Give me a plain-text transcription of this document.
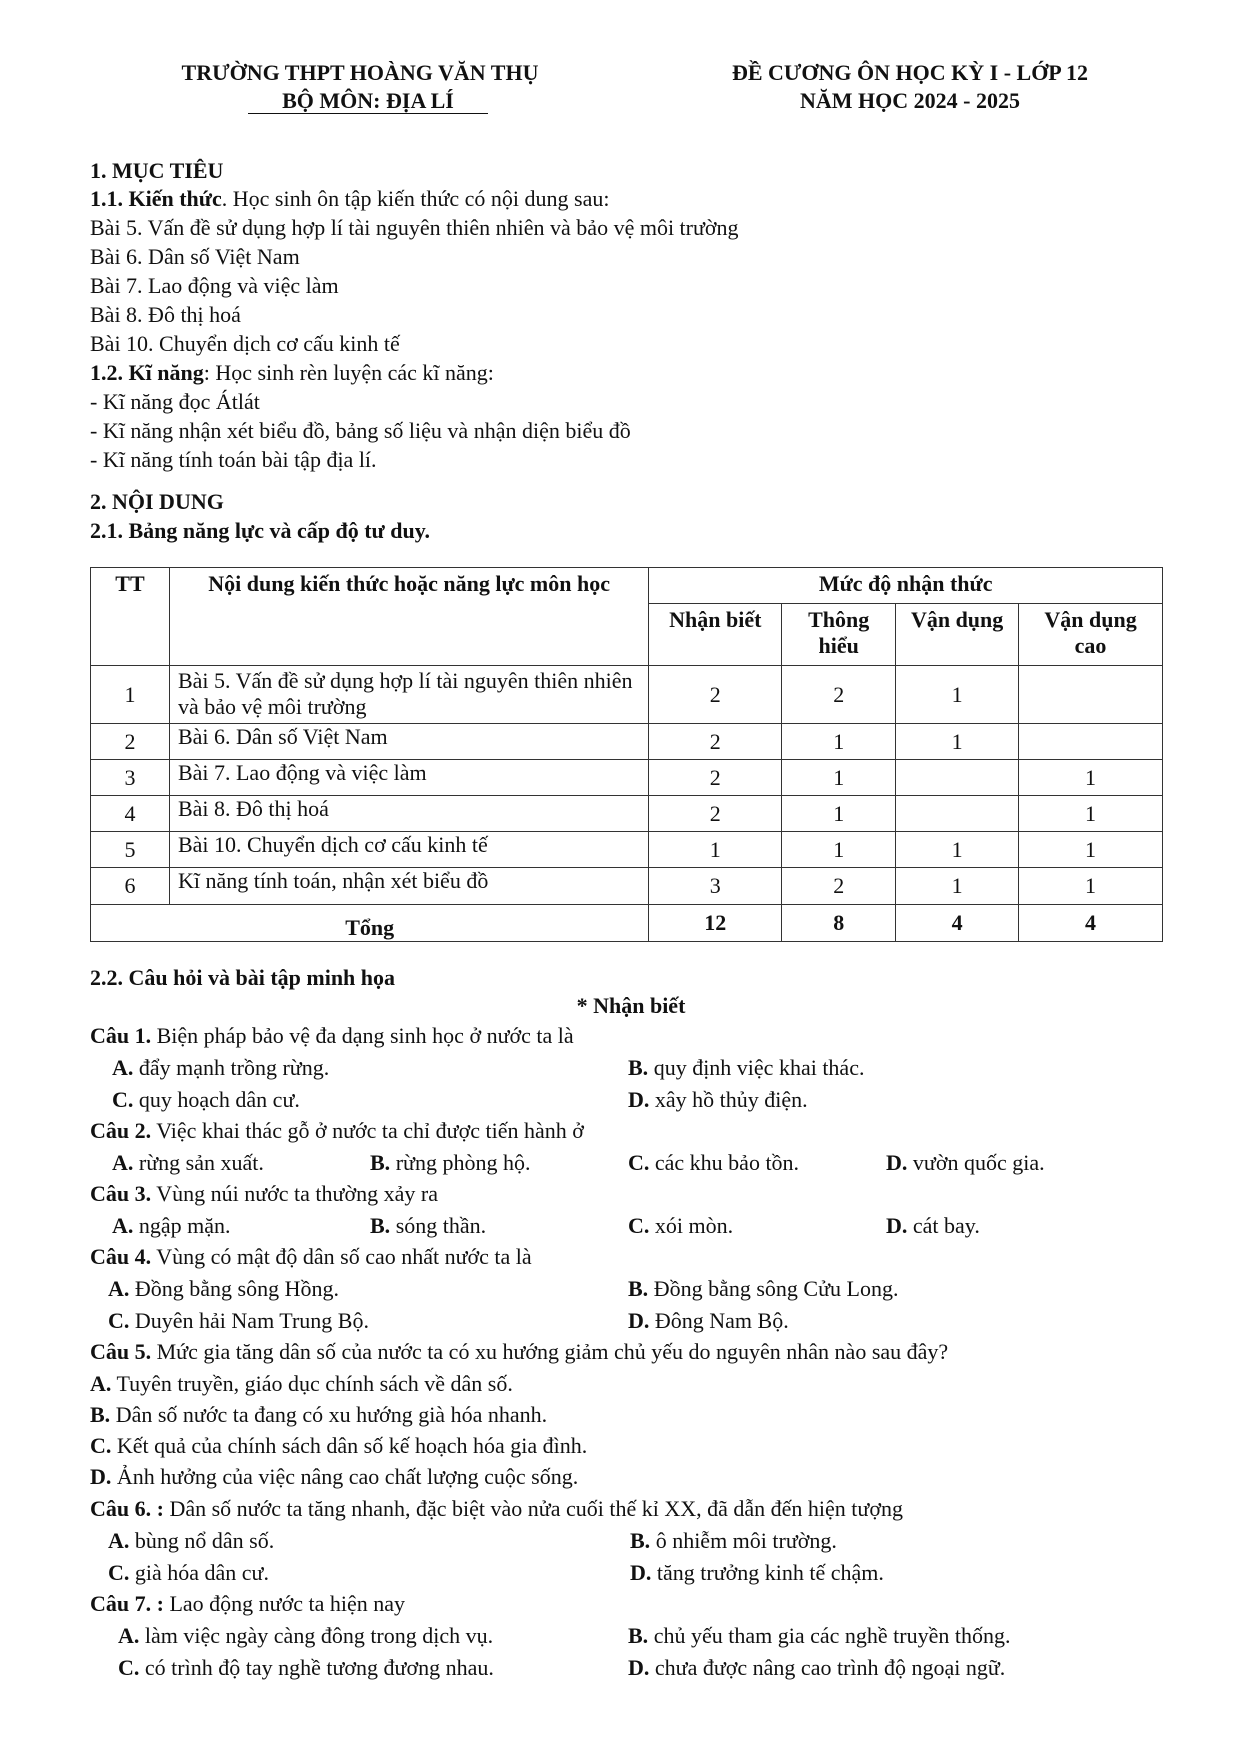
TRƯỜNG THPT HOÀNG VĂN THỤ
BỘ MÔN: ĐỊA LÍ
ĐỀ CƯƠNG ÔN HỌC KỲ I - LỚP 12
NĂM HỌC 2024 - 2025
1. MỤC TIÊU
1.1. Kiến thức. Học sinh ôn tập kiến thức có nội dung sau:
Bài 5. Vấn đề sử dụng hợp lí tài nguyên thiên nhiên và bảo vệ môi trường
Bài 6. Dân số Việt Nam
Bài 7. Lao động và việc làm
Bài 8. Đô thị hoá
Bài 10. Chuyển dịch cơ cấu kinh tế
1.2. Kĩ năng: Học sinh rèn luyện các kĩ năng:
- Kĩ năng đọc Átlát
- Kĩ năng nhận xét biểu đồ, bảng số liệu và nhận diện biểu đồ
- Kĩ năng tính toán bài tập địa lí.
2. NỘI DUNG
2.1. Bảng năng lực và cấp độ tư duy.
TT	Nội dung kiến thức hoặc năng lực môn học	Mức độ nhận thức			
		Nhận biết	Thông hiểu	Vận dụng	Vận dụng cao
1	Bài 5. Vấn đề sử dụng hợp lí tài nguyên thiên nhiên và bảo vệ môi trường	2	2	1	
2	Bài 6. Dân số Việt Nam	2	1	1	
3	Bài 7. Lao động và việc làm	2	1		1
4	Bài 8. Đô thị hoá	2	1		1
5	Bài 10. Chuyển dịch cơ cấu kinh tế	1	1	1	1
6	Kĩ năng tính toán, nhận xét biểu đồ	3	2	1	1
Tổng		12	8	4	4
2.2. Câu hỏi và bài tập minh họa
* Nhận biết
Câu 1. Biện pháp bảo vệ đa dạng sinh học ở nước ta là
A. đẩy mạnh trồng rừng.	B. quy định việc khai thác.
C. quy hoạch dân cư.	D. xây hồ thủy điện.
Câu 2. Việc khai thác gỗ ở nước ta chỉ được tiến hành ở
A. rừng sản xuất.	B. rừng phòng hộ.	C. các khu bảo tồn.	D. vườn quốc gia.
Câu 3. Vùng núi nước ta thường xảy ra
A. ngập mặn.	B. sóng thần.	C. xói mòn.	D. cát bay.
Câu 4. Vùng có mật độ dân số cao nhất nước ta là
A. Đồng bằng sông Hồng.	B. Đồng bằng sông Cửu Long.
C. Duyên hải Nam Trung Bộ.	D. Đông Nam Bộ.
Câu 5. Mức gia tăng dân số của nước ta có xu hướng giảm chủ yếu do nguyên nhân nào sau đây?
A. Tuyên truyền, giáo dục chính sách về dân số.
B. Dân số nước ta đang có xu hướng già hóa nhanh.
C. Kết quả của chính sách dân số kế hoạch hóa gia đình.
D. Ảnh hưởng của việc nâng cao chất lượng cuộc sống.
Câu 6. : Dân số nước ta tăng nhanh, đặc biệt vào nửa cuối thế kỉ XX, đã dẫn đến hiện tượng
A. bùng nổ dân số.	B. ô nhiễm môi trường.
C. già hóa dân cư.	D. tăng trưởng kinh tế chậm.
Câu 7. : Lao động nước ta hiện nay
A. làm việc ngày càng đông trong dịch vụ.	B. chủ yếu tham gia các nghề truyền thống.
C. có trình độ tay nghề tương đương nhau.	D. chưa được nâng cao trình độ ngoại ngữ.
